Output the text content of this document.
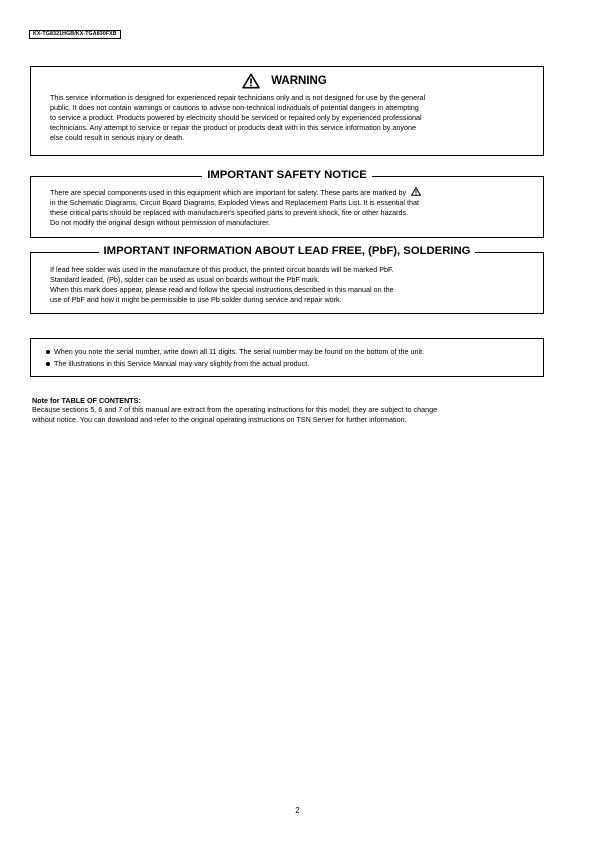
KX-TG8321HGB/KX-TGA830FXB
WARNING
This service information is designed for experienced repair technicians only and is not designed for use by the general
public. It does not contain warnings or cautions to advise non-technical individuals of potential dangers in attempting
to service a product. Products powered by electricity should be serviced or repaired only by experienced professional
technicians. Any attempt to service or repair the product or products dealt with in this service information by anyone
else could result in serious injury or death.
IMPORTANT SAFETY NOTICE
There are special components used in this equipment which are important for safety. These parts are marked by
in the Schematic Diagrams, Circuit Board Diagrams, Exploded Views and Replacement Parts List. It is essential that
these critical parts should be replaced with manufacturer's specified parts to prevent shock, fire or other hazards.
Do not modify the original design without permission of manufacturer.
IMPORTANT INFORMATION ABOUT LEAD FREE, (PbF), SOLDERING
If lead free solder was used in the manufacture of this product, the printed circuit boards will be marked PbF.
Standard leaded, (Pb), solder can be used as usual on boards without the PbF mark.
When this mark does appear, please read and follow the special instructions described in this manual on the
use of PbF and how it might be permissible to use Pb solder during service and repair work.
When you note the serial number, write down all 11 digits. The serial number may be found on the bottom of the unit.
The illustrations in this Service Manual may vary slightly from the actual product.
Note for TABLE OF CONTENTS:
Because sections 5, 6 and 7 of this manual are extract from the operating instructions for this model, they are subject to change
without notice. You can download and refer to the original operating instructions on TSN Server for further information.
2
